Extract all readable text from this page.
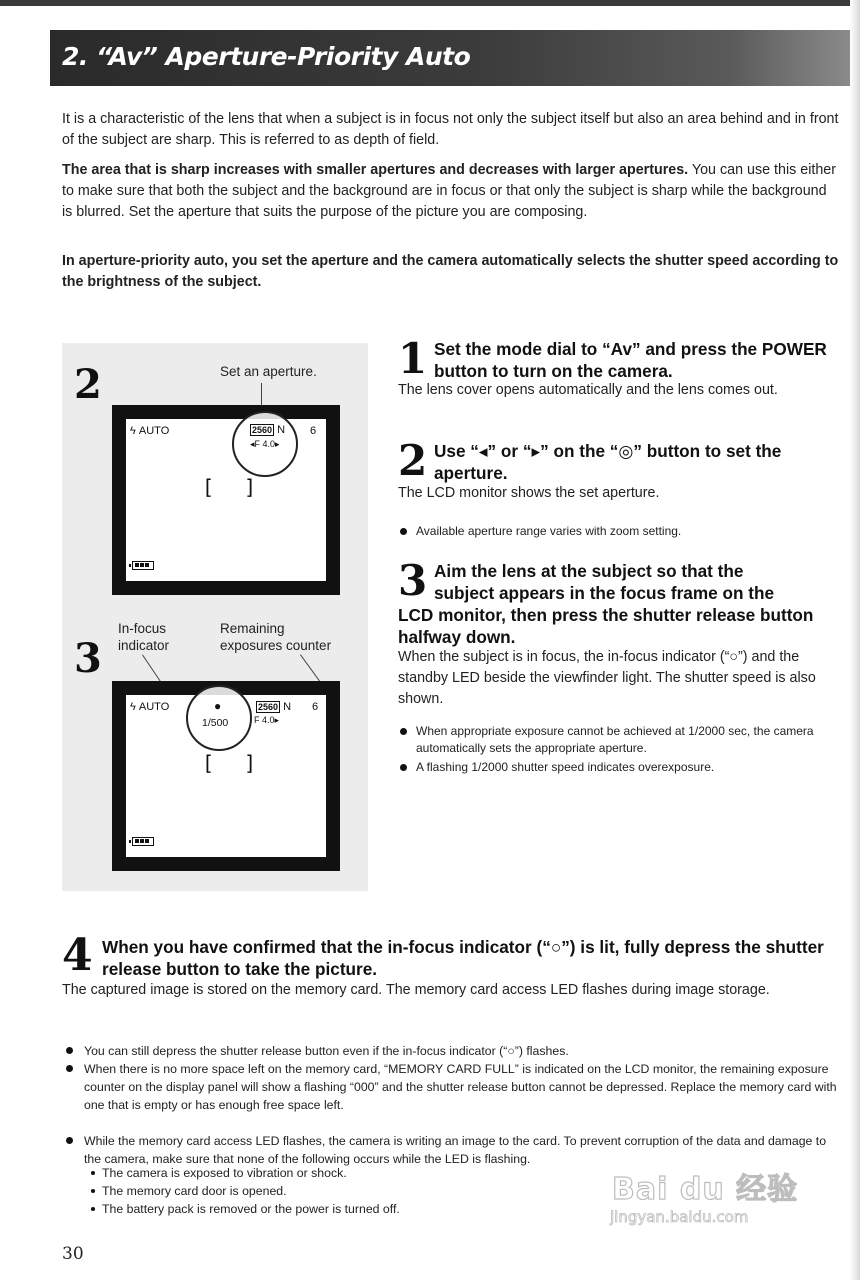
2. “Av” Aperture-Priority Auto
It is a characteristic of the lens that when a subject is in focus not only the subject itself but also an area behind and in front of the subject are sharp. This is referred to as depth of field.
The area that is sharp increases with smaller apertures and decreases with larger apertures. You can use this either to make sure that both the subject and the background are in focus or that only the subject is sharp while the background is blurred. Set the aperture that suits the purpose of the picture you are composing.
In aperture-priority auto, you set the aperture and the camera automatically selects the shutter speed according to the brightness of the subject.
2	Set an aperture.
ϟ AUTO	2560 N 6
◂F 4.0▸
[ ]
3
In-focus
indicator
Remaining
exposures counter
ϟ AUTO	●
1/500
2560 N 6
F 4.0▸
[ ]
1 Set the mode dial to “Av” and press the POWER button to turn on the camera.
The lens cover opens automatically and the lens comes out.
2 Use “◂” or “▸” on the “◎” button to set the aperture.
The LCD monitor shows the set aperture.
Available aperture range varies with zoom setting.
3 Aim the lens at the subject so that the
subject appears in the focus frame on the
LCD monitor, then press the shutter release button halfway down.
When the subject is in focus, the in-focus indicator (“○”) and the standby LED beside the viewfinder light. The shutter speed is also shown.
When appropriate exposure cannot be achieved at 1/2000 sec, the camera automatically sets the appropriate aperture.
A flashing 1/2000 shutter speed indicates overexposure.
4 When you have confirmed that the in-focus indicator (“○”) is lit, fully depress the shutter release button to take the picture.
The captured image is stored on the memory card. The memory card access LED flashes during image storage.
You can still depress the shutter release button even if the in-focus indicator (“○”) flashes.
When there is no more space left on the memory card, “MEMORY CARD FULL” is indicated on the LCD monitor, the remaining exposure counter on the display panel will show a flashing “000” and the shutter release button cannot be depressed. Replace the memory card with one that is empty or has enough free space left.
While the memory card access LED flashes, the camera is writing an image to the card. To prevent corruption of the data and damage to the camera, make sure that none of the following occurs while the LED is flashing.
The camera is exposed to vibration or shock.
The memory card door is opened.
The battery pack is removed or the power is turned off.
30
Bai du 经验
jingyan.baidu.com
